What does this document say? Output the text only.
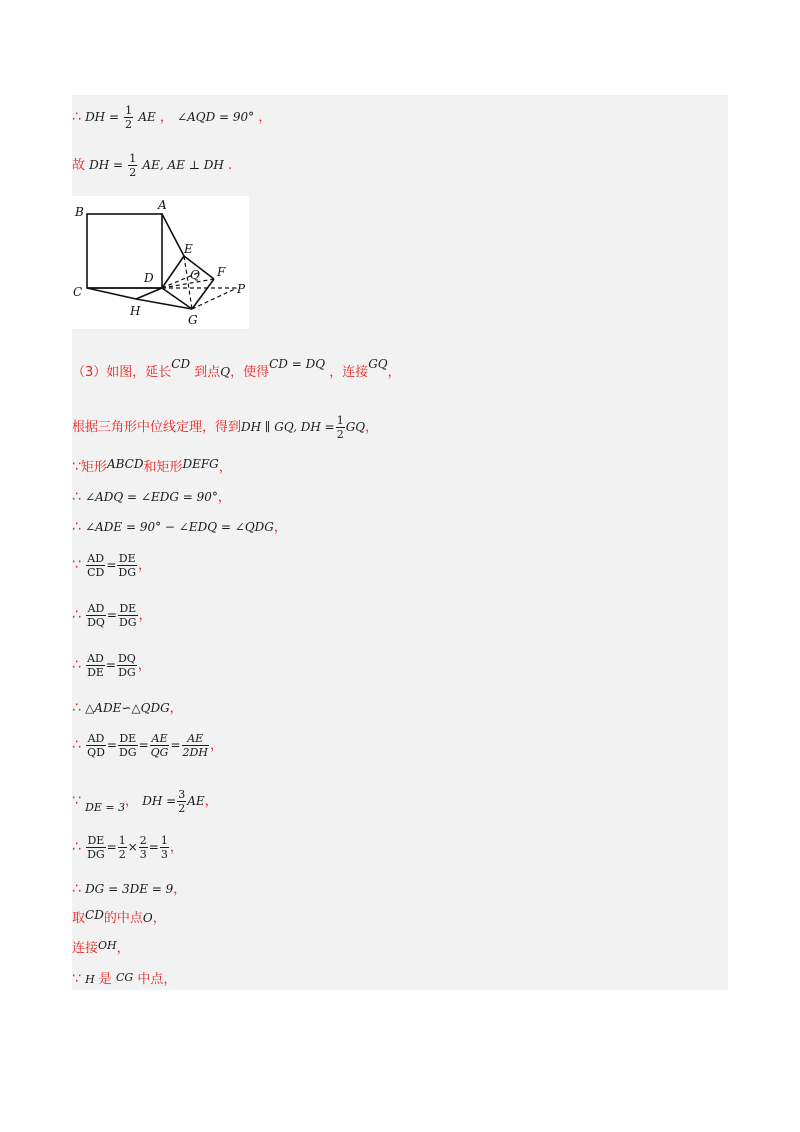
∴ DH = $\frac{1}{2}$ AE ， ∠AQD = 90° ，
故 DH = $\frac{1}{2}$ AE, AE ⊥ DH .
B	A
E
Q F
D
C	P
H
G
（3）如图，延长CD 到点Q，使得CD = DQ ，连接GQ，
根据三角形中位线定理，得到DH ∥ GQ, DH = $\frac{1}{2}$ GQ，
∵矩形ABCD和矩形DEFG，
∴ ∠ADQ = ∠EDG = 90°，
∴ ∠ADE = 90° − ∠EDQ = ∠QDG，
∵ $\frac{AD}{CD} = \frac{DE}{DG}$ ，
∴ $\frac{AD}{DQ} = \frac{DE}{DG}$ ，
∴ $\frac{AD}{DE} = \frac{DQ}{DG}$ ，
∴ △ADE∽△QDG，
∴ $\frac{AD}{QD} = \frac{DE}{DG} = \frac{AE}{QG} = \frac{AE}{2DH}$ ，
∵ $_{DE = 3}$， DH = $\frac{3}{2}$ AE，
∴ $\frac{DE}{DG} = \frac{1}{2} \times \frac{2}{3} = \frac{1}{3}$ ，
∴ DG = 3DE = 9，
取CD的中点O，
连接$^{OH}$，
∵ H 是 CG 中点，
